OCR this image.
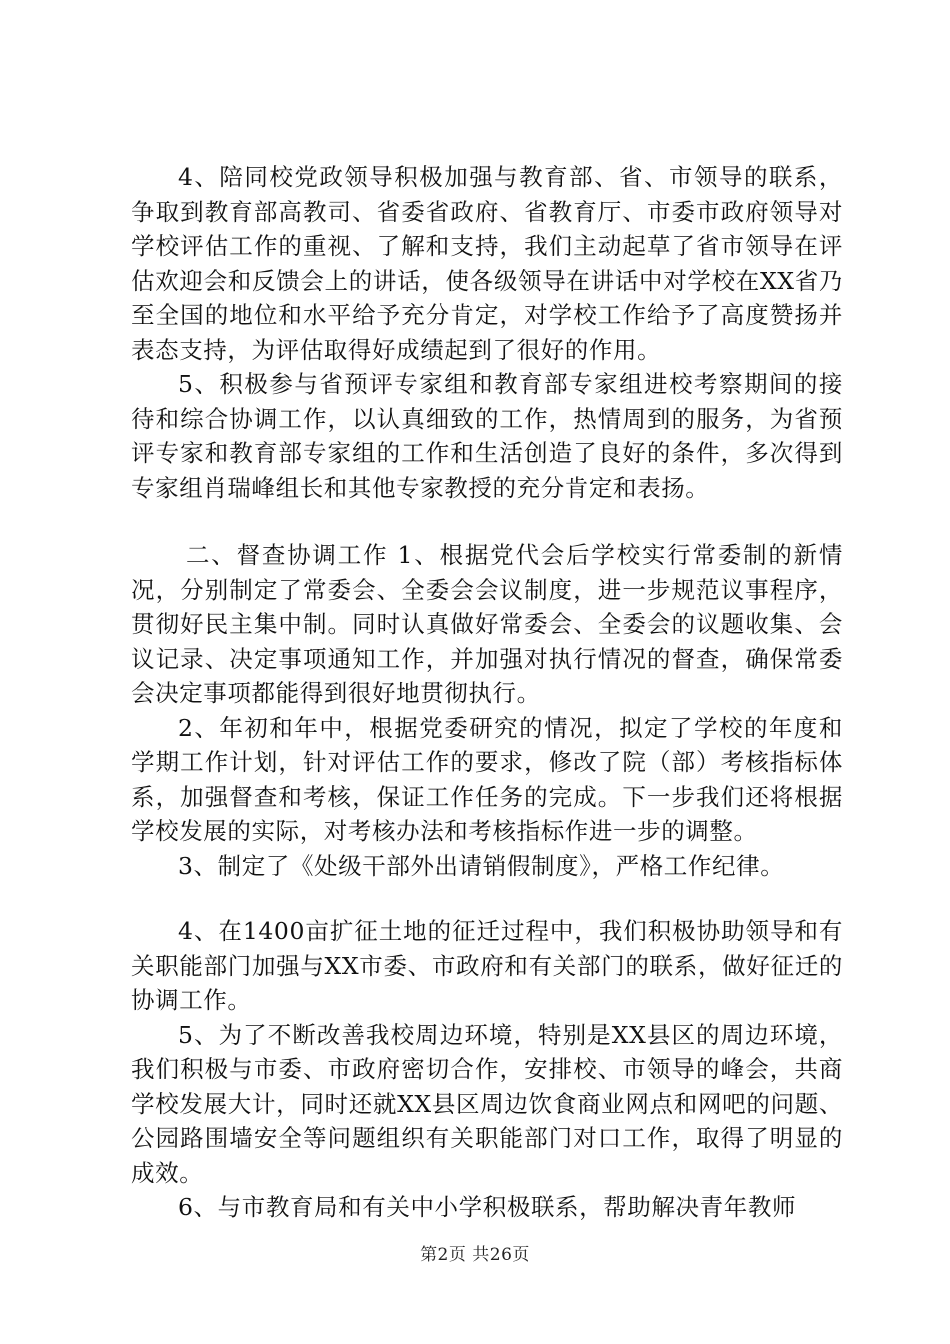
4、陪同校党政领导积极加强与教育部、省、市领导的联系，争取到教育部高教司、省委省政府、省教育厅、市委市政府领导对学校评估工作的重视、了解和支持，我们主动起草了省市领导在评估欢迎会和反馈会上的讲话，使各级领导在讲话中对学校在XX省乃至全国的地位和水平给予充分肯定，对学校工作给予了高度赞扬并表态支持，为评估取得好成绩起到了很好的作用。

5、积极参与省预评专家组和教育部专家组进校考察期间的接待和综合协调工作，以认真细致的工作，热情周到的服务，为省预评专家和教育部专家组的工作和生活创造了良好的条件，多次得到专家组肖瑞峰组长和其他专家教授的充分肯定和表扬。

二、督查协调工作 1、根据党代会后学校实行常委制的新情况，分别制定了常委会、全委会会议制度，进一步规范议事程序，贯彻好民主集中制。同时认真做好常委会、全委会的议题收集、会议记录、决定事项通知工作，并加强对执行情况的督查，确保常委会决定事项都能得到很好地贯彻执行。

2、年初和年中，根据党委研究的情况，拟定了学校的年度和学期工作计划，针对评估工作的要求，修改了院（部）考核指标体系，加强督查和考核，保证工作任务的完成。下一步我们还将根据学校发展的实际，对考核办法和考核指标作进一步的调整。

3、制定了《处级干部外出请销假制度》，严格工作纪律。

4、在1400亩扩征土地的征迁过程中，我们积极协助领导和有关职能部门加强与XX市委、市政府和有关部门的联系，做好征迁的协调工作。

5、为了不断改善我校周边环境，特别是XX县区的周边环境，我们积极与市委、市政府密切合作，安排校、市领导的峰会，共商学校发展大计，同时还就XX县区周边饮食商业网点和网吧的问题、公园路围墙安全等问题组织有关职能部门对口工作，取得了明显的成效。

6、与市教育局和有关中小学积极联系，帮助解决青年教师

第2页 共26页
